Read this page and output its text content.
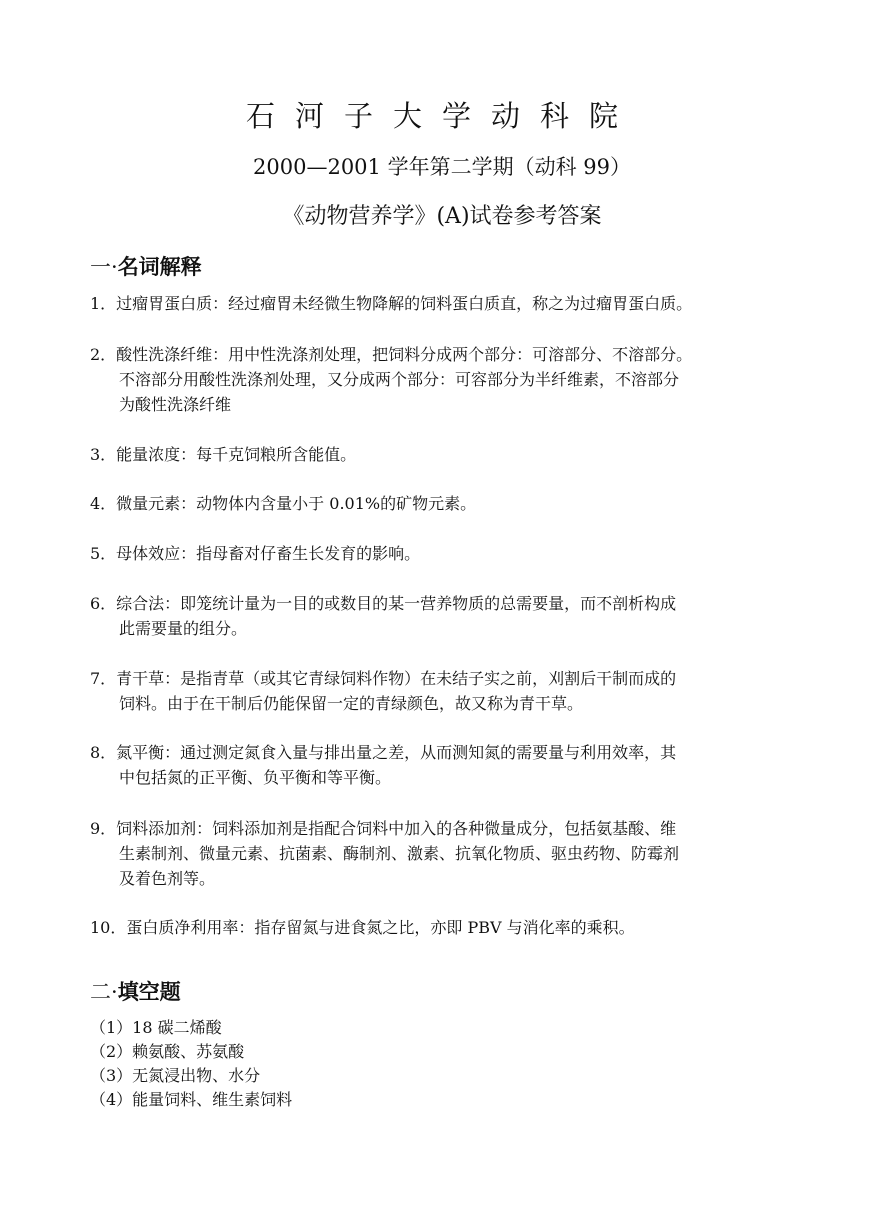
石河子大学动科院
2000—2001 学年第二学期（动科 99）
《动物营养学》(A)试卷参考答案
一·名词解释
1．过瘤胃蛋白质：经过瘤胃未经微生物降解的饲料蛋白质直，称之为过瘤胃蛋白质。
2．酸性洗涤纤维：用中性洗涤剂处理，把饲料分成两个部分：可溶部分、不溶部分。
不溶部分用酸性洗涤剂处理，又分成两个部分：可容部分为半纤维素，不溶部分
为酸性洗涤纤维
3．能量浓度：每千克饲粮所含能值。
4．微量元素：动物体内含量小于 0.01%的矿物元素。
5．母体效应：指母畜对仔畜生长发育的影响。
6．综合法：即笼统计量为一目的或数目的某一营养物质的总需要量，而不剖析构成
此需要量的组分。
7．青干草：是指青草（或其它青绿饲料作物）在未结子实之前，刈割后干制而成的
饲料。由于在干制后仍能保留一定的青绿颜色，故又称为青干草。
8．氮平衡：通过测定氮食入量与排出量之差，从而测知氮的需要量与利用效率，其
中包括氮的正平衡、负平衡和等平衡。
9．饲料添加剂：饲料添加剂是指配合饲料中加入的各种微量成分，包括氨基酸、维
生素制剂、微量元素、抗菌素、酶制剂、激素、抗氧化物质、驱虫药物、防霉剂
及着色剂等。
10．蛋白质净利用率：指存留氮与进食氮之比，亦即 PBV 与消化率的乘积。
二·填空题
（1）18 碳二烯酸
（2）赖氨酸、苏氨酸
（3）无氮浸出物、水分
（4）能量饲料、维生素饲料
